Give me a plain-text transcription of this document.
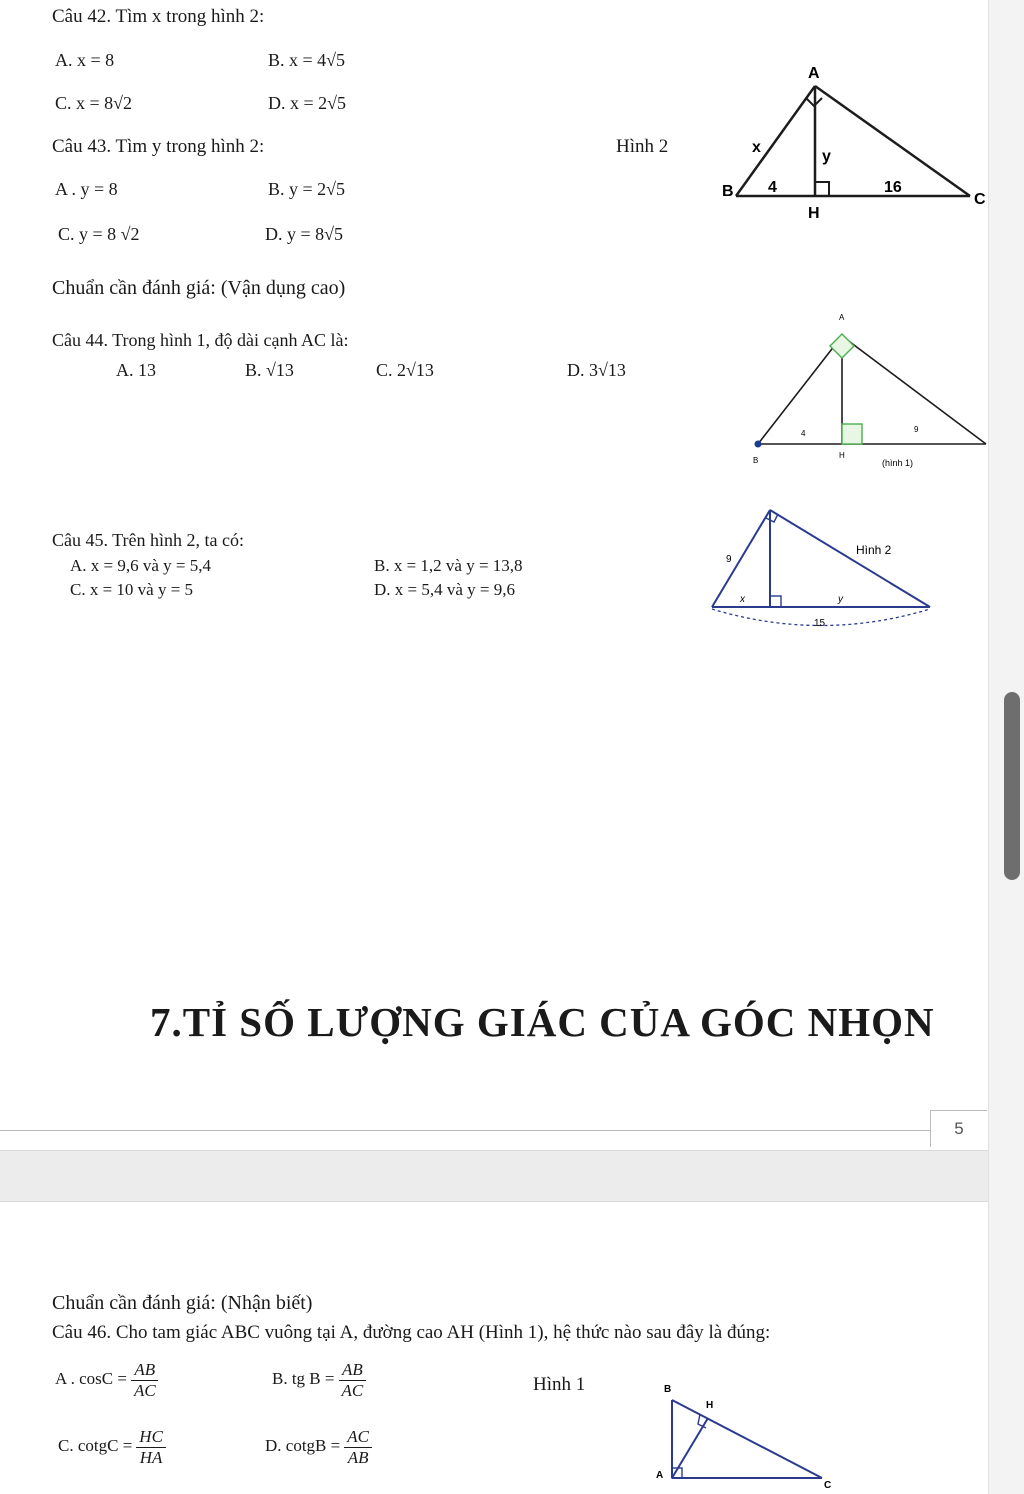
Câu 42. Tìm x trong hình 2:
A. x = 8	B. x = 4√5
C. x = 8√2	D. x = 2√5
Câu 43. Tìm y trong hình 2:	Hình 2
A . y = 8	B. y = 2√5
C. y = 8 √2	D. y = 8√5
A
B	C
H
x
y
4	16
Chuẩn cần đánh giá: (Vận dụng cao)
Câu 44. Trong hình 1, độ dài cạnh AC là:
A. 13	B. √13	C. 2√13	D. 3√13
A
B
H
4	9
(hình 1)
Câu 45. Trên hình 2, ta có:
A. x = 9,6 và y = 5,4	B. x = 1,2 và y = 13,8
C. x = 10 và y = 5	D. x = 5,4 và y = 9,6
Hình 2
9
x	y
15
7.TỈ SỐ LƯỢNG GIÁC CỦA GÓC NHỌN
5
Chuẩn cần đánh giá: (Nhận biết)
Câu 46. Cho tam giác ABC vuông tại A, đường cao AH (Hình 1), hệ thức nào sau đây là đúng:
A . $\cos C = \frac{AB}{AC}$	B. tg $B = \frac{AB}{AC}$	Hình 1
C. cotgC = $\frac{HC}{HA}$	D. cotgB = $\frac{AC}{AB}$
B
H
A
C
